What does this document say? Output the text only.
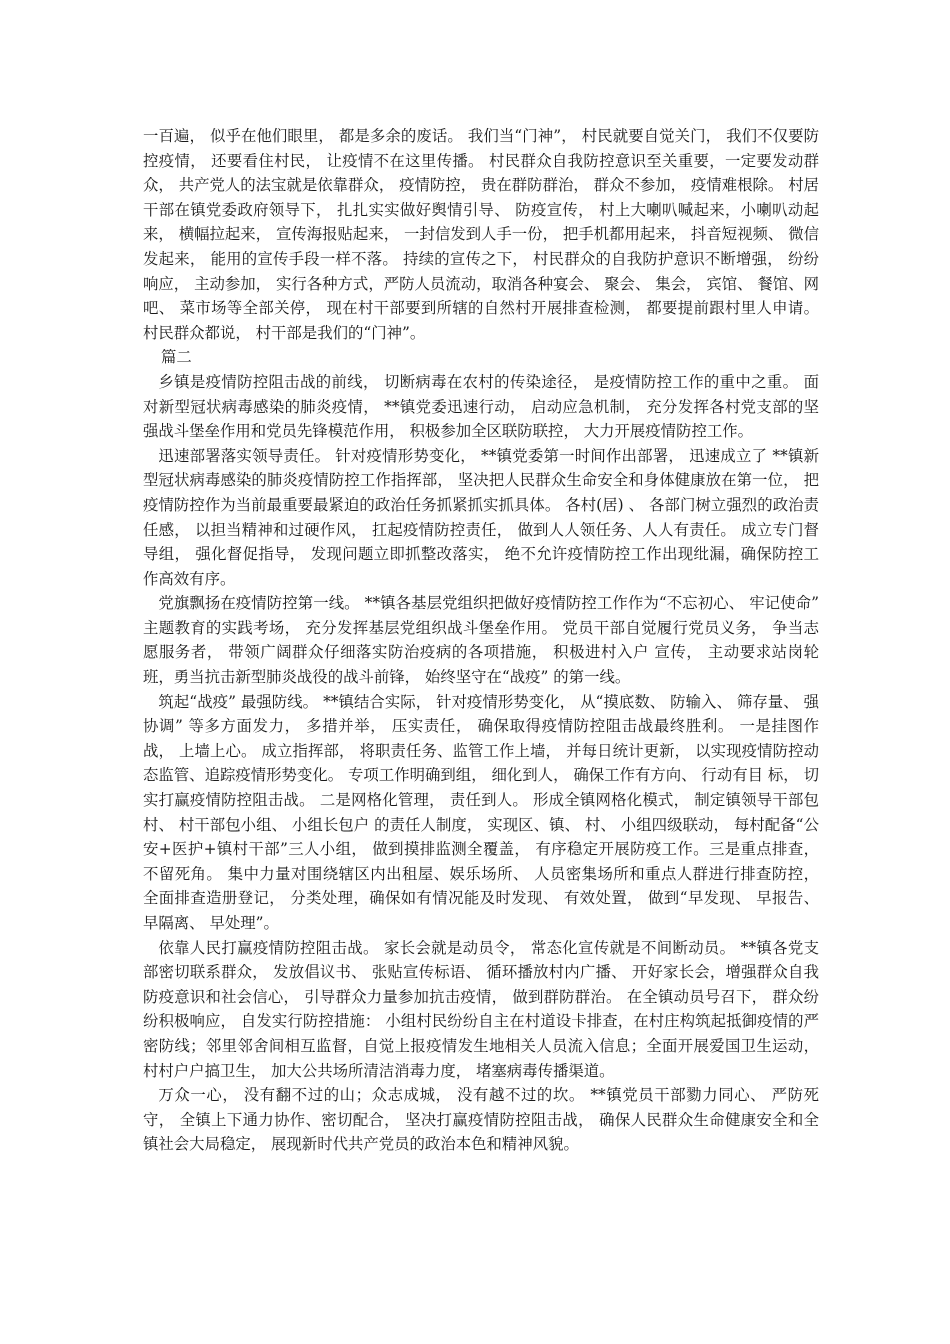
一百遍， 似乎在他们眼里， 都是多余的废话。 我们当“门神”， 村民就要自觉关门， 我们不仅要防控疫情， 还要看住村民， 让疫情不在这里传播。 村民群众自我防控意识至关重要，一定要发动群众， 共产党人的法宝就是依靠群众， 疫情防控， 贵在群防群治， 群众不参加， 疫情难根除。 村居干部在镇党委政府领导下， 扎扎实实做好舆情引导、 防疫宣传， 村上大喇叭喊起来，小喇叭动起来， 横幅拉起来， 宣传海报贴起来， 一封信发到人手一份， 把手机都用起来， 抖音短视频、 微信发起来， 能用的宣传手段一样不落。 持续的宣传之下， 村民群众的自我防护意识不断增强， 纷纷响应， 主动参加， 实行各种方式，严防人员流动，取消各种宴会、 聚会、 集会， 宾馆、 餐馆、网吧、 菜市场等全部关停， 现在村干部要到所辖的自然村开展排查检测， 都要提前跟村里人申请。 村民群众都说， 村干部是我们的“门神”。

篇二

乡镇是疫情防控阻击战的前线， 切断病毒在农村的传染途径， 是疫情防控工作的重中之重。 面对新型冠状病毒感染的肺炎疫情， **镇党委迅速行动， 启动应急机制， 充分发挥各村党支部的坚强战斗堡垒作用和党员先锋模范作用， 积极参加全区联防联控， 大力开展疫情防控工作。

迅速部署落实领导责任。 针对疫情形势变化， **镇党委第一时间作出部署， 迅速成立了 **镇新型冠状病毒感染的肺炎疫情防控工作指挥部， 坚决把人民群众生命安全和身体健康放在第一位， 把疫情防控作为当前最重要最紧迫的政治任务抓紧抓实抓具体。 各村(居) 、 各部门树立强烈的政治责任感， 以担当精神和过硬作风， 扛起疫情防控责任， 做到人人领任务、人人有责任。 成立专门督导组， 强化督促指导， 发现问题立即抓整改落实， 绝不允许疫情防控工作出现纰漏，确保防控工作高效有序。

党旗飘扬在疫情防控第一线。 **镇各基层党组织把做好疫情防控工作作为“不忘初心、 牢记使命” 主题教育的实践考场， 充分发挥基层党组织战斗堡垒作用。 党员干部自觉履行党员义务， 争当志愿服务者， 带领广阔群众仔细落实防治疫病的各项措施， 积极进村入户 宣传， 主动要求站岗轮班，勇当抗击新型肺炎战役的战斗前锋， 始终坚守在“战疫” 的第一线。

筑起“战疫” 最强防线。 **镇结合实际， 针对疫情形势变化， 从“摸底数、 防输入、 筛存量、 强协调” 等多方面发力， 多措并举， 压实责任， 确保取得疫情防控阻击战最终胜利。 一是挂图作战， 上墙上心。 成立指挥部， 将职责任务、监管工作上墙， 并每日统计更新， 以实现疫情防控动态监管、追踪疫情形势变化。 专项工作明确到组， 细化到人， 确保工作有方向、 行动有目 标， 切实打赢疫情防控阻击战。 二是网格化管理， 责任到人。 形成全镇网格化模式， 制定镇领导干部包村、 村干部包小组、 小组长包户 的责任人制度， 实现区、镇、 村、 小组四级联动， 每村配备“公安+医护+镇村干部”三人小组， 做到摸排监测全覆盖， 有序稳定开展防疫工作。三是重点排查， 不留死角。 集中力量对围绕辖区内出租屋、娱乐场所、 人员密集场所和重点人群进行排查防控， 全面排查造册登记， 分类处理，确保如有情况能及时发现、 有效处置， 做到“早发现、 早报告、 早隔离、 早处理”。

依靠人民打赢疫情防控阻击战。 家长会就是动员令， 常态化宣传就是不间断动员。 **镇各党支部密切联系群众， 发放倡议书、 张贴宣传标语、 循环播放村内广播、 开好家长会，增强群众自我防疫意识和社会信心， 引导群众力量参加抗击疫情， 做到群防群治。 在全镇动员号召下， 群众纷纷积极响应， 自发实行防控措施： 小组村民纷纷自主在村道设卡排查，在村庄构筑起抵御疫情的严密防线；邻里邻舍间相互监督，自觉上报疫情发生地相关人员流入信息；全面开展爱国卫生运动， 村村户户搞卫生， 加大公共场所清洁消毒力度， 堵塞病毒传播渠道。

万众一心， 没有翻不过的山；众志成城， 没有越不过的坎。 **镇党员干部勠力同心、 严防死守， 全镇上下通力协作、密切配合， 坚决打赢疫情防控阻击战， 确保人民群众生命健康安全和全镇社会大局稳定， 展现新时代共产党员的政治本色和精神风貌。
